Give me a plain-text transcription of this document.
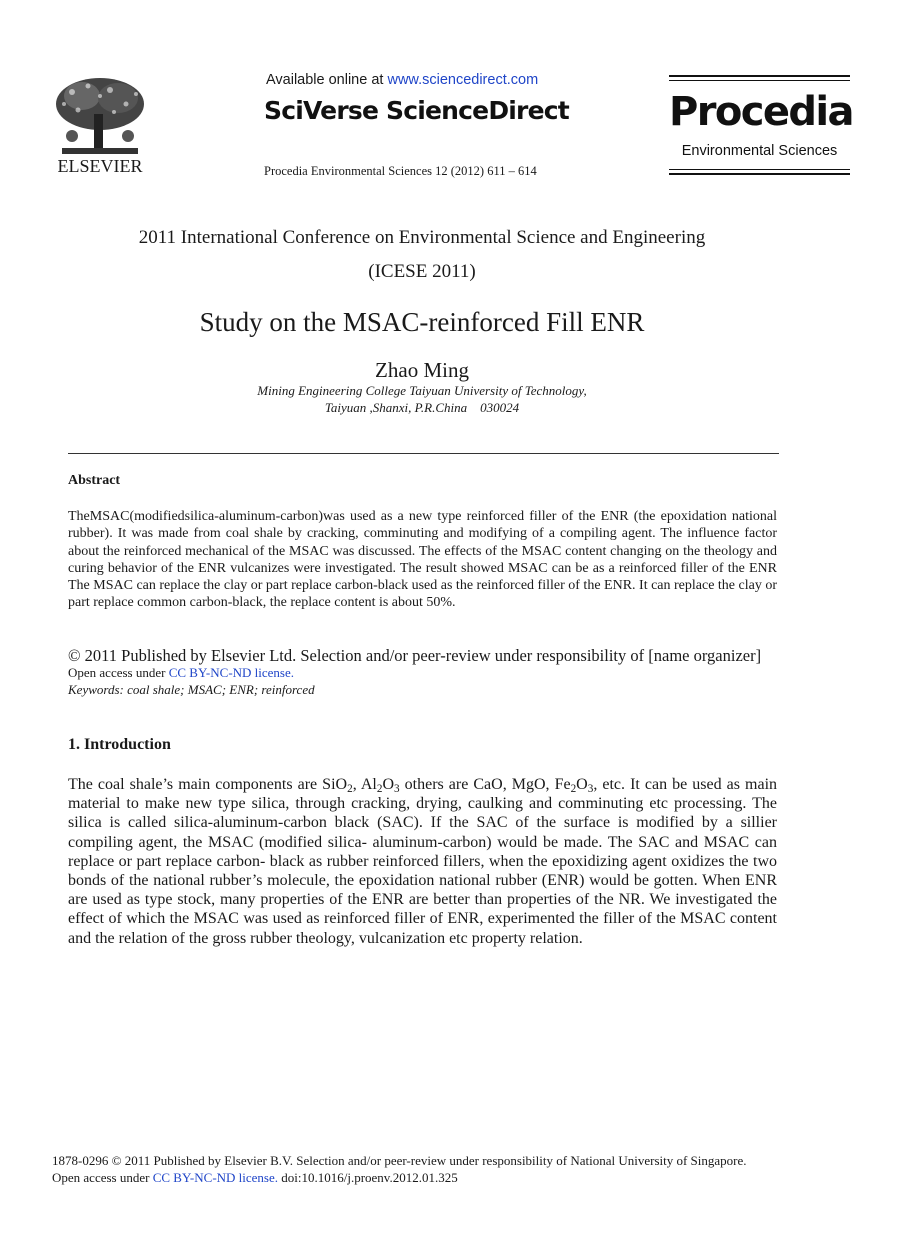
ELSEVIER
Available online at www.sciencedirect.com
SciVerse ScienceDirect
Procedia Environmental Sciences 12 (2012) 611 – 614
Procedia
Environmental Sciences
2011 International Conference on Environmental Science and Engineering
(ICESE 2011)
Study on the MSAC-reinforced Fill ENR
Zhao Ming
Mining Engineering College Taiyuan University of Technology,
Taiyuan ,Shanxi, P.R.China    030024
Abstract
TheMSAC(modifiedsilica-aluminum-carbon)was used as a new type reinforced filler of the ENR (the epoxidation national rubber). It was made from coal shale by cracking, comminuting and modifying of a compiling agent. The influence factor about the reinforced mechanical of the MSAC was discussed. The effects of the MSAC content changing on the theology and curing behavior of the ENR vulcanizes were investigated. The result showed MSAC can be as a reinforced filler of the ENR The MSAC can replace the clay or part replace carbon-black used as the reinforced filler of the ENR. It can replace the clay or part replace common carbon-black, the replace content is about 50%.
© 2011 Published by Elsevier Ltd. Selection and/or peer-review under responsibility of [name organizer]
Open access under CC BY-NC-ND license.
Keywords: coal shale; MSAC; ENR; reinforced
1. Introduction
The coal shale’s main components are SiO$_2$, $Al_2O_3$ others are CaO, MgO, $Fe_2O_3$, etc. It can be used as main material to make new type silica, through cracking, drying, caulking and comminuting etc processing. The silica is called silica-aluminum-carbon black (SAC). If the SAC of the surface is modified by a sillier compiling agent, the MSAC (modified silica- aluminum-carbon) would be made. The SAC and MSAC can replace or part replace carbon- black as rubber reinforced fillers, when the epoxidizing agent oxidizes the two bonds of the national rubber’s molecule, the epoxidation national rubber (ENR) would be gotten. When ENR are used as type stock, many properties of the ENR are better than properties of the NR. We investigated the effect of which the MSAC was used as reinforced filler of ENR, experimented the filler of the MSAC content and the relation of the gross rubber theology, vulcanization etc property relation.
1878-0296 © 2011 Published by Elsevier B.V. Selection and/or peer-review under responsibility of National University of Singapore.
Open access under CC BY-NC-ND license. doi:10.1016/j.proenv.2012.01.325
